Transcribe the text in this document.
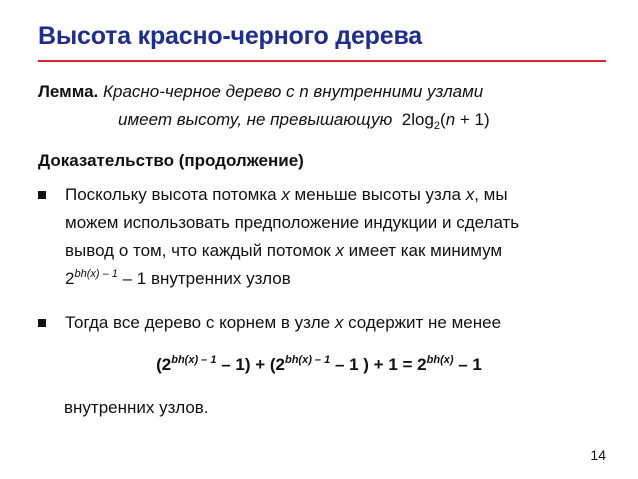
Высота красно-черного дерева
Лемма. Красно-черное дерево с n внутренними узлами
имеет высоту, не превышающую $2\log_2(n + 1)$
Доказательство (продолжение)
Поскольку высота потомка x меньше высоты узла x, мы
можем использовать предположение индукции и сделать
вывод о том, что каждый потомок x имеет как минимум
$2^{bh(x) - 1} - 1$ внутренних узлов
Тогда все дерево с корнем в узле x содержит не менее
$(2^{bh(x) - 1} - 1) + (2^{bh(x) - 1} - 1$ ) + $1 = 2^{bh(x)} - 1$
внутренних узлов.
14
